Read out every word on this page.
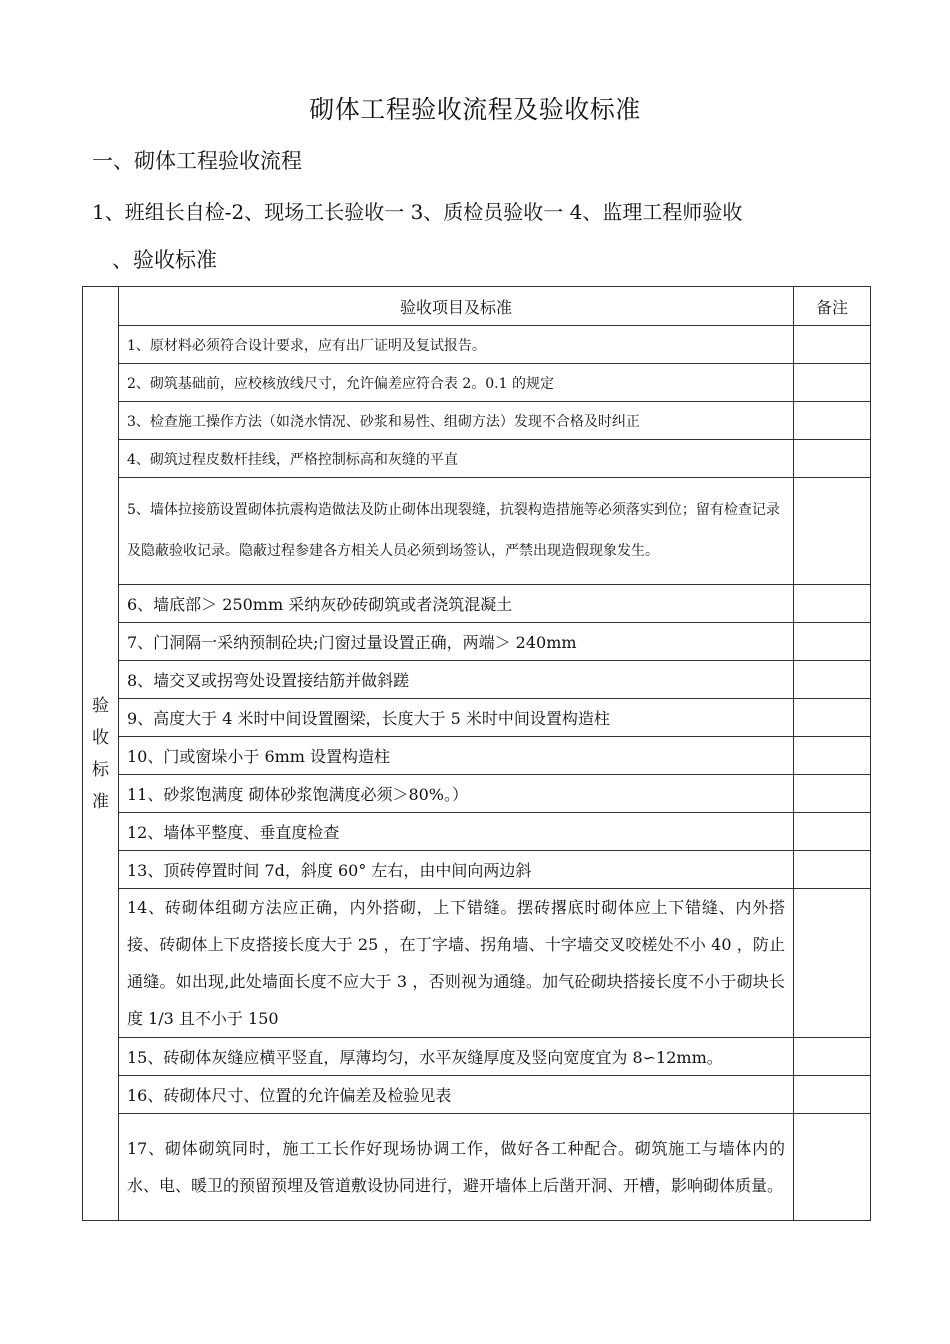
砌体工程验收流程及验收标准
一、砌体工程验收流程
1、班组长自检-2、现场工长验收一 3、质检员验收一 4、监理工程师验收
、验收标准
验
收
标
准	验收项目及标准	备注
	1、原材料必须符合设计要求，应有出厂证明及复试报告。	
	2、砌筑基础前，应校核放线尺寸，允许偏差应符合表 2。0.1 的规定	
	3、检查施工操作方法（如浇水情况、砂浆和易性、组砌方法）发现不合格及时纠正	
	4、砌筑过程皮数杆挂线，严格控制标高和灰缝的平直	
	5、墙体拉接筋设置砌体抗震构造做法及防止砌体出现裂缝，抗裂构造措施等必须落实到位；留有检查记录及隐蔽验收记录。隐蔽过程参建各方相关人员必须到场签认，严禁出现造假现象发生。	
	6、墙底部＞ 250mm 采纳灰砂砖砌筑或者浇筑混凝土	
	7、门洞隔一采纳预制砼块;门窗过量设置正确，两端＞ 240mm	
	8、墙交叉或拐弯处设置接结筋并做斜蹉	
	9、高度大于 4 米时中间设置圈梁，长度大于 5 米时中间设置构造柱	
	10、门或窗垛小于 6mm 设置构造柱	
	11、砂浆饱满度 砌体砂浆饱满度必须＞80%。）	
	12、墙体平整度、垂直度检查	
	13、顶砖停置时间 7d，斜度 60° 左右，由中间向两边斜	
	14、砖砌体组砌方法应正确，内外搭砌，上下错缝。摆砖撂底时砌体应上下错缝、内外搭接、砖砌体上下皮搭接长度大于 25 ，在丁字墙、拐角墙、十字墙交叉咬槎处不小 40 ，防止通缝。如出现,此处墙面长度不应大于 3 ，否则视为通缝。加气砼砌块搭接长度不小于砌块长度 1/3 且不小于 150	
	15、砖砌体灰缝应横平竖直，厚薄均匀，水平灰缝厚度及竖向宽度宜为 8∽12mm。	
	16、砖砌体尺寸、位置的允许偏差及检验见表	
	17、砌体砌筑同时，施工工长作好现场协调工作，做好各工种配合。砌筑施工与墙体内的水、电、暖卫的预留预埋及管道敷设协同进行，避开墙体上后凿开洞、开槽，影响砌体质量。	
